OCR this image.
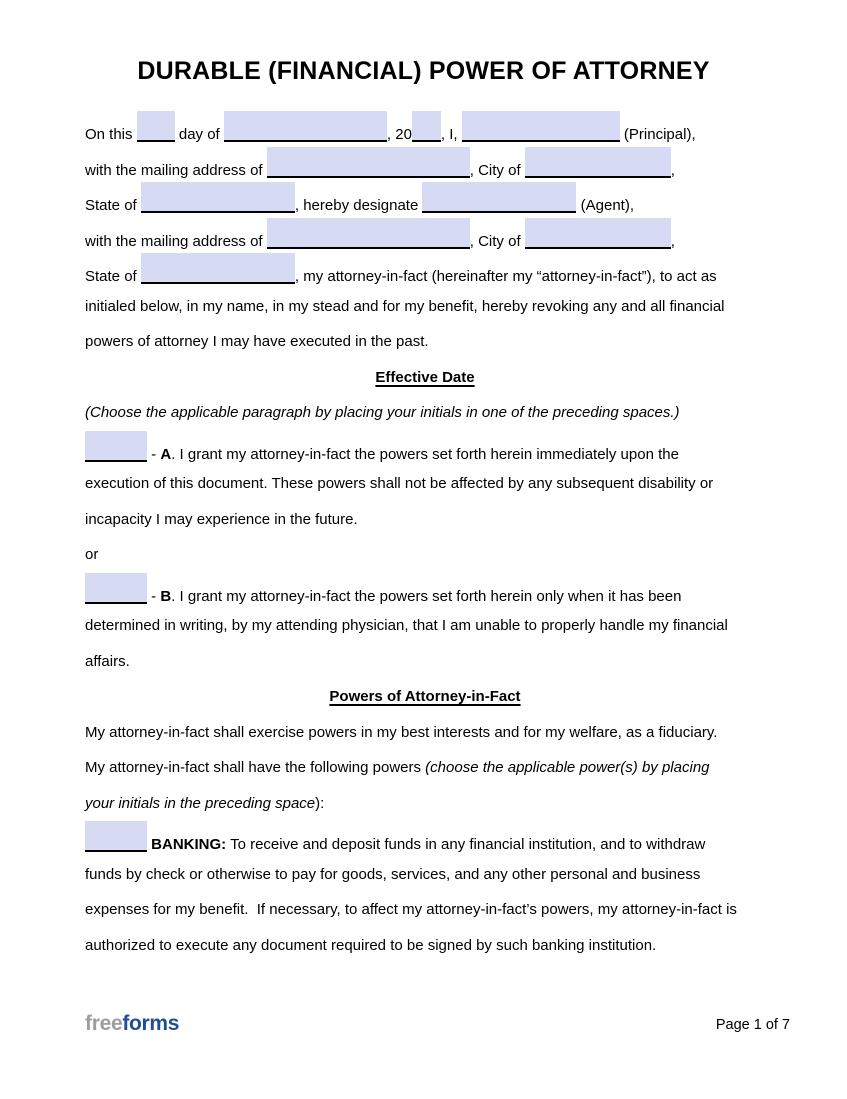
DURABLE (FINANCIAL) POWER OF ATTORNEY
On this	day of	, 20 , I,	(Principal),
with the mailing address of	, City of	,
State of	, hereby designate	(Agent),
with the mailing address of	, City of	,
State of	, my attorney-in-fact (hereinafter my “attorney-in-fact”), to act as
initialed below, in my name, in my stead and for my benefit, hereby revoking any and all financial
powers of attorney I may have executed in the past.
Effective Date
(Choose the applicable paragraph by placing your initials in one of the preceding spaces.)
- A. I grant my attorney-in-fact the powers set forth herein immediately upon the
execution of this document. These powers shall not be affected by any subsequent disability or
incapacity I may experience in the future.
or
- B. I grant my attorney-in-fact the powers set forth herein only when it has been
determined in writing, by my attending physician, that I am unable to properly handle my financial
affairs.
Powers of Attorney-in-Fact
My attorney-in-fact shall exercise powers in my best interests and for my welfare, as a fiduciary.
My attorney-in-fact shall have the following powers (choose the applicable power(s) by placing
your initials in the preceding space):
BANKING: To receive and deposit funds in any financial institution, and to withdraw
funds by check or otherwise to pay for goods, services, and any other personal and business
expenses for my benefit.  If necessary, to affect my attorney-in-fact’s powers, my attorney-in-fact is
authorized to execute any document required to be signed by such banking institution.
freeforms	Page 1 of 7
